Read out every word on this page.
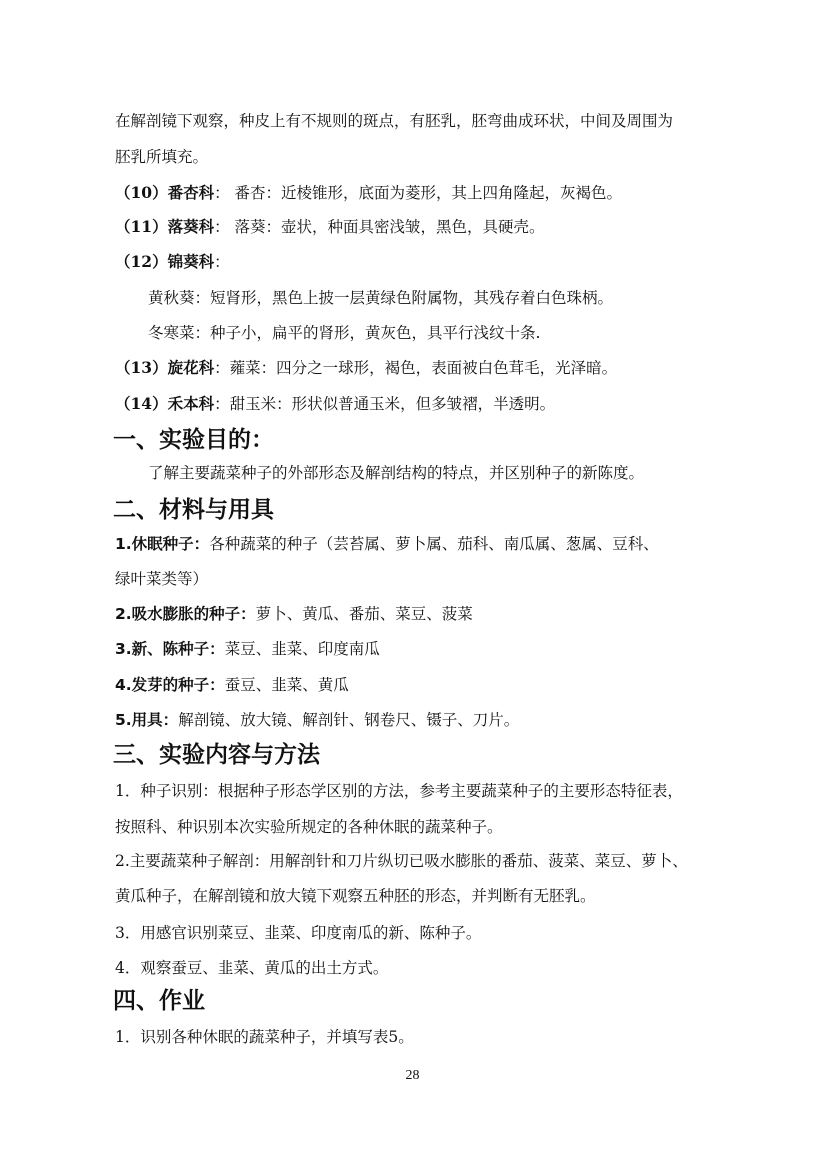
在解剖镜下观察，种皮上有不规则的斑点，有胚乳，胚弯曲成环状，中间及周围为
胚乳所填充。
（10）番杏科： 番杏：近棱锥形，底面为菱形，其上四角隆起，灰褐色。
（11）落葵科： 落葵：壶状，种面具密浅皱，黑色，具硬壳。
（12）锦葵科：
黄秋葵：短肾形，黑色上披一层黄绿色附属物，其残存着白色珠柄。
冬寒菜：种子小，扁平的肾形，黄灰色，具平行浅纹十条.
（13）旋花科：蕹菜：四分之一球形，褐色，表面被白色茸毛，光泽暗。
（14）禾本科：甜玉米：形状似普通玉米，但多皱褶，半透明。
一、实验目的：
了解主要蔬菜种子的外部形态及解剖结构的特点，并区别种子的新陈度。
二、材料与用具
1.休眠种子：各种蔬菜的种子（芸苔属、萝卜属、茄科、南瓜属、葱属、豆科、
绿叶菜类等）
2.吸水膨胀的种子：萝卜、黄瓜、番茄、菜豆、菠菜
3.新、陈种子：菜豆、韭菜、印度南瓜
4.发芽的种子：蚕豆、韭菜、黄瓜
5.用具：解剖镜、放大镜、解剖针、钢卷尺、镊子、刀片。
三、实验内容与方法
1．种子识别：根据种子形态学区别的方法，参考主要蔬菜种子的主要形态特征表，
按照科、种识别本次实验所规定的各种休眠的蔬菜种子。
2.主要蔬菜种子解剖：用解剖针和刀片纵切已吸水膨胀的番茄、菠菜、菜豆、萝卜、
黄瓜种子，在解剖镜和放大镜下观察五种胚的形态，并判断有无胚乳。
3．用感官识别菜豆、韭菜、印度南瓜的新、陈种子。
4．观察蚕豆、韭菜、黄瓜的出土方式。
四、作业
1．识别各种休眠的蔬菜种子，并填写表5。
28
